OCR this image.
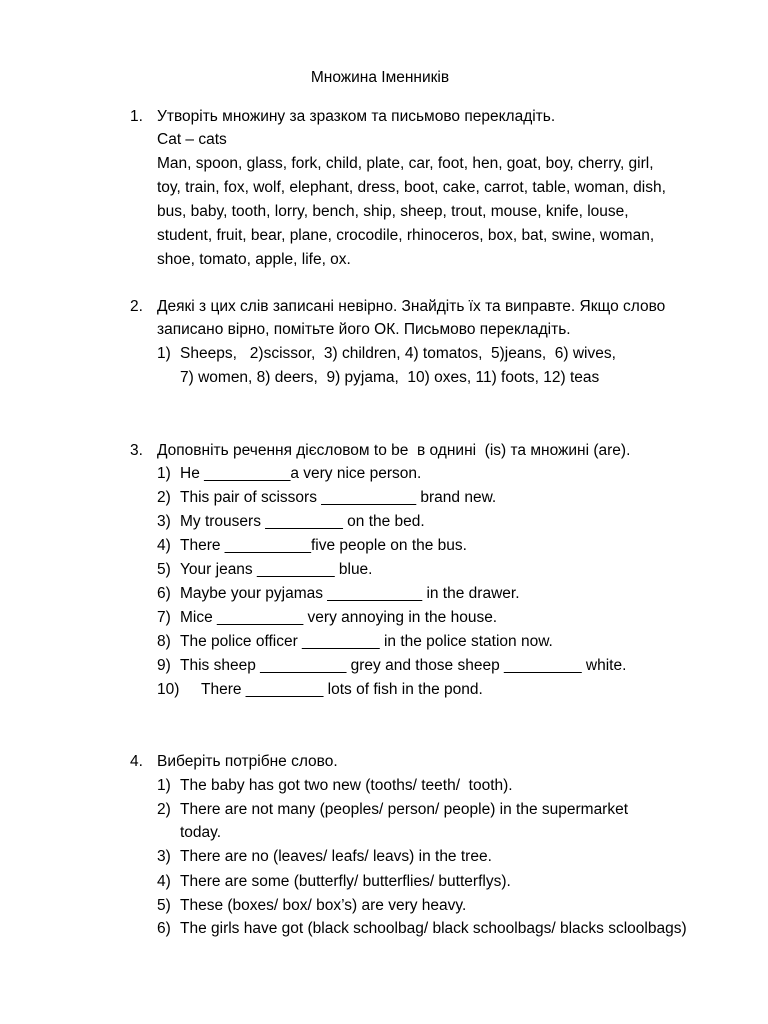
Множина Іменників
1. Утворіть множину за зразком та письмово перекладіть.
Cat – cats
Man, spoon, glass, fork, child, plate, car, foot, hen, goat, boy, cherry, girl,
toy, train, fox, wolf, elephant, dress, boot, cake, carrot, table, woman, dish,
bus, baby, tooth, lorry, bench, ship, sheep, trout, mouse, knife, louse,
student, fruit, bear, plane, crocodile, rhinoceros, box, bat, swine, woman,
shoe, tomato, apple, life, ox.
2. Деякі з цих слів записані невірно. Знайдіть їх та виправте. Якщо слово
записано вірно, помітьте його ОК. Письмово перекладіть.
1) Sheeps,   2)scissor,  3) children, 4) tomatos,  5)jeans,  6) wives,
7) women, 8) deers,  9) pyjama,  10) oxes, 11) foots, 12) teas
3. Доповніть речення дієсловом to be  в однині  (is) та множині (are).
1) He __________a very nice person.
2) This pair of scissors ___________ brand new.
3) My trousers _________ on the bed.
4) There __________five people on the bus.
5) Your jeans _________ blue.
6) Maybe your pyjamas ___________ in the drawer.
7) Mice __________ very annoying in the house.
8) The police officer _________ in the police station now.
9) This sheep __________ grey and those sheep _________ white.
10) There _________ lots of fish in the pond.
4. Виберіть потрібне слово.
1) The baby has got two new (tooths/ teeth/  tooth).
2) There are not many (peoples/ person/ people) in the supermarket
today.
3) There are no (leaves/ leafs/ leavs) in the tree.
4) There are some (butterfly/ butterflies/ butterflys).
5) These (boxes/ box/ box’s) are very heavy.
6) The girls have got (black schoolbag/ black schoolbags/ blacks scloolbags)
